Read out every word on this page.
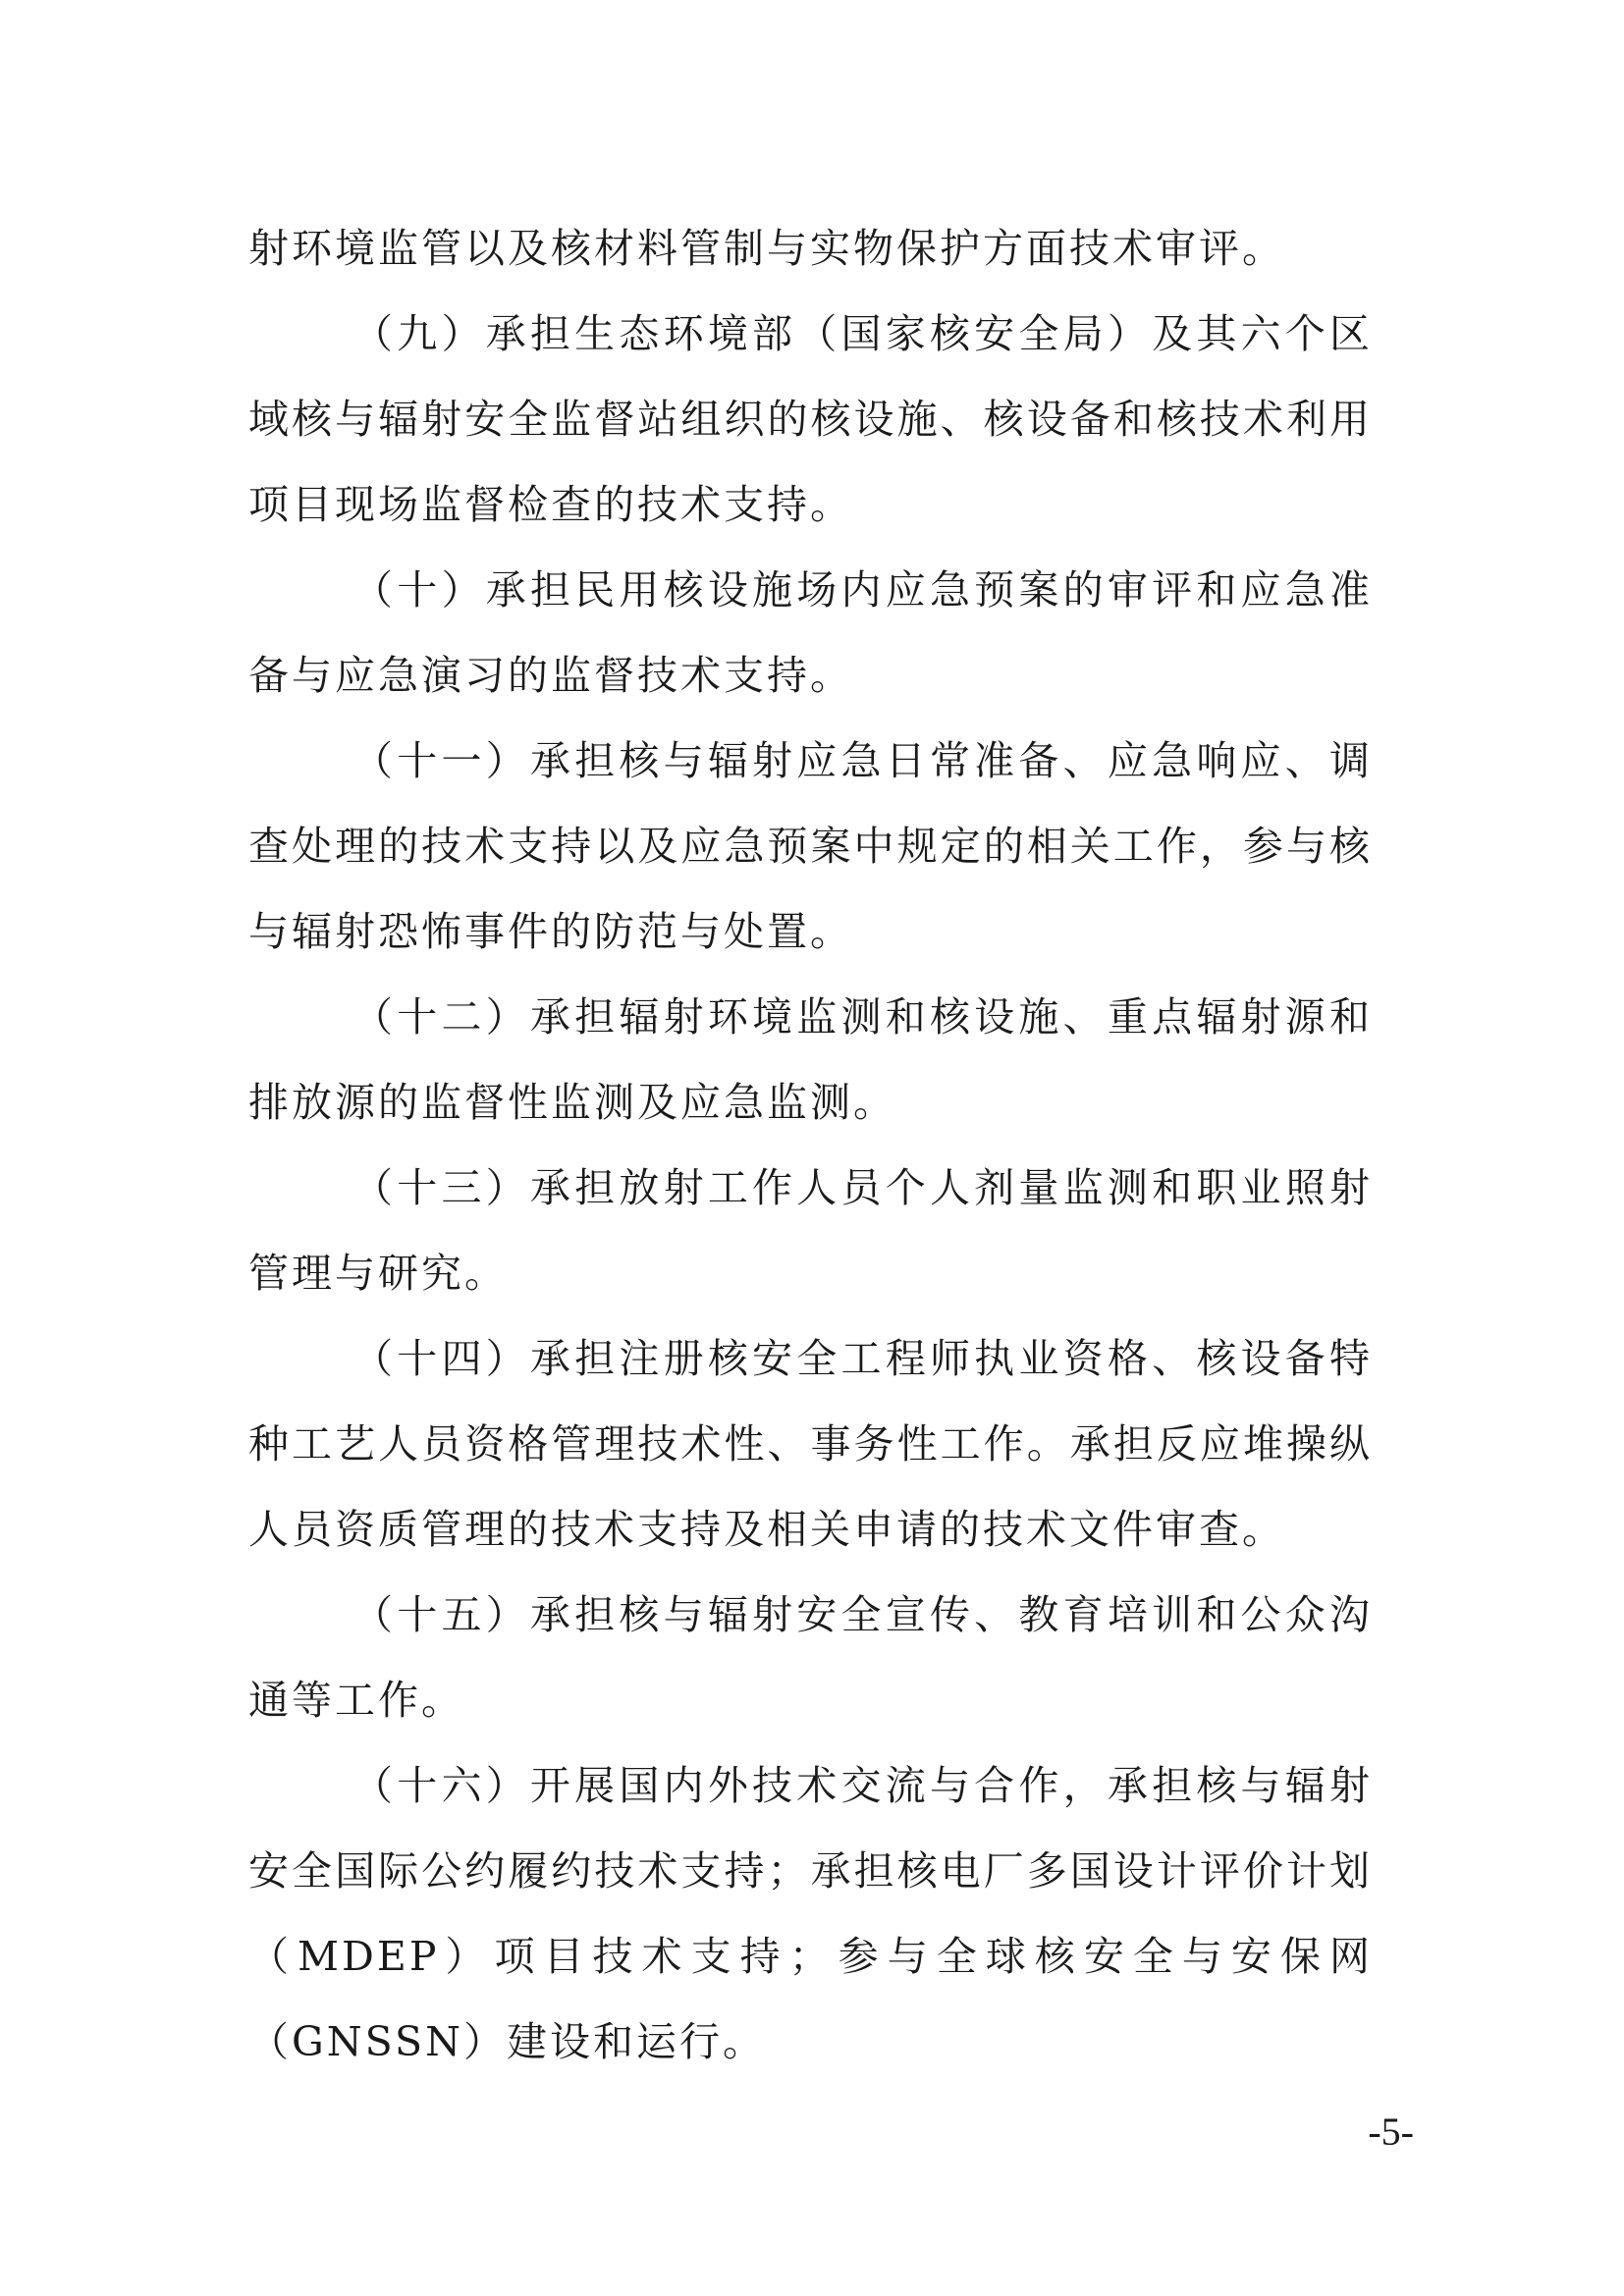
射环境监管以及核材料管制与实物保护方面技术审评。

（九）承担生态环境部（国家核安全局）及其六个区域核与辐射安全监督站组织的核设施、核设备和核技术利用项目现场监督检查的技术支持。

（十）承担民用核设施场内应急预案的审评和应急准备与应急演习的监督技术支持。

（十一）承担核与辐射应急日常准备、应急响应、调查处理的技术支持以及应急预案中规定的相关工作，参与核与辐射恐怖事件的防范与处置。

（十二）承担辐射环境监测和核设施、重点辐射源和排放源的监督性监测及应急监测。

（十三）承担放射工作人员个人剂量监测和职业照射管理与研究。

（十四）承担注册核安全工程师执业资格、核设备特种工艺人员资格管理技术性、事务性工作。承担反应堆操纵人员资质管理的技术支持及相关申请的技术文件审查。

（十五）承担核与辐射安全宣传、教育培训和公众沟通等工作。

（十六）开展国内外技术交流与合作，承担核与辐射安全国际公约履约技术支持；承担核电厂多国设计评价计划（MDEP）项目技术支持；参与全球核安全与安保网（GNSSN）建设和运行。

-5-
